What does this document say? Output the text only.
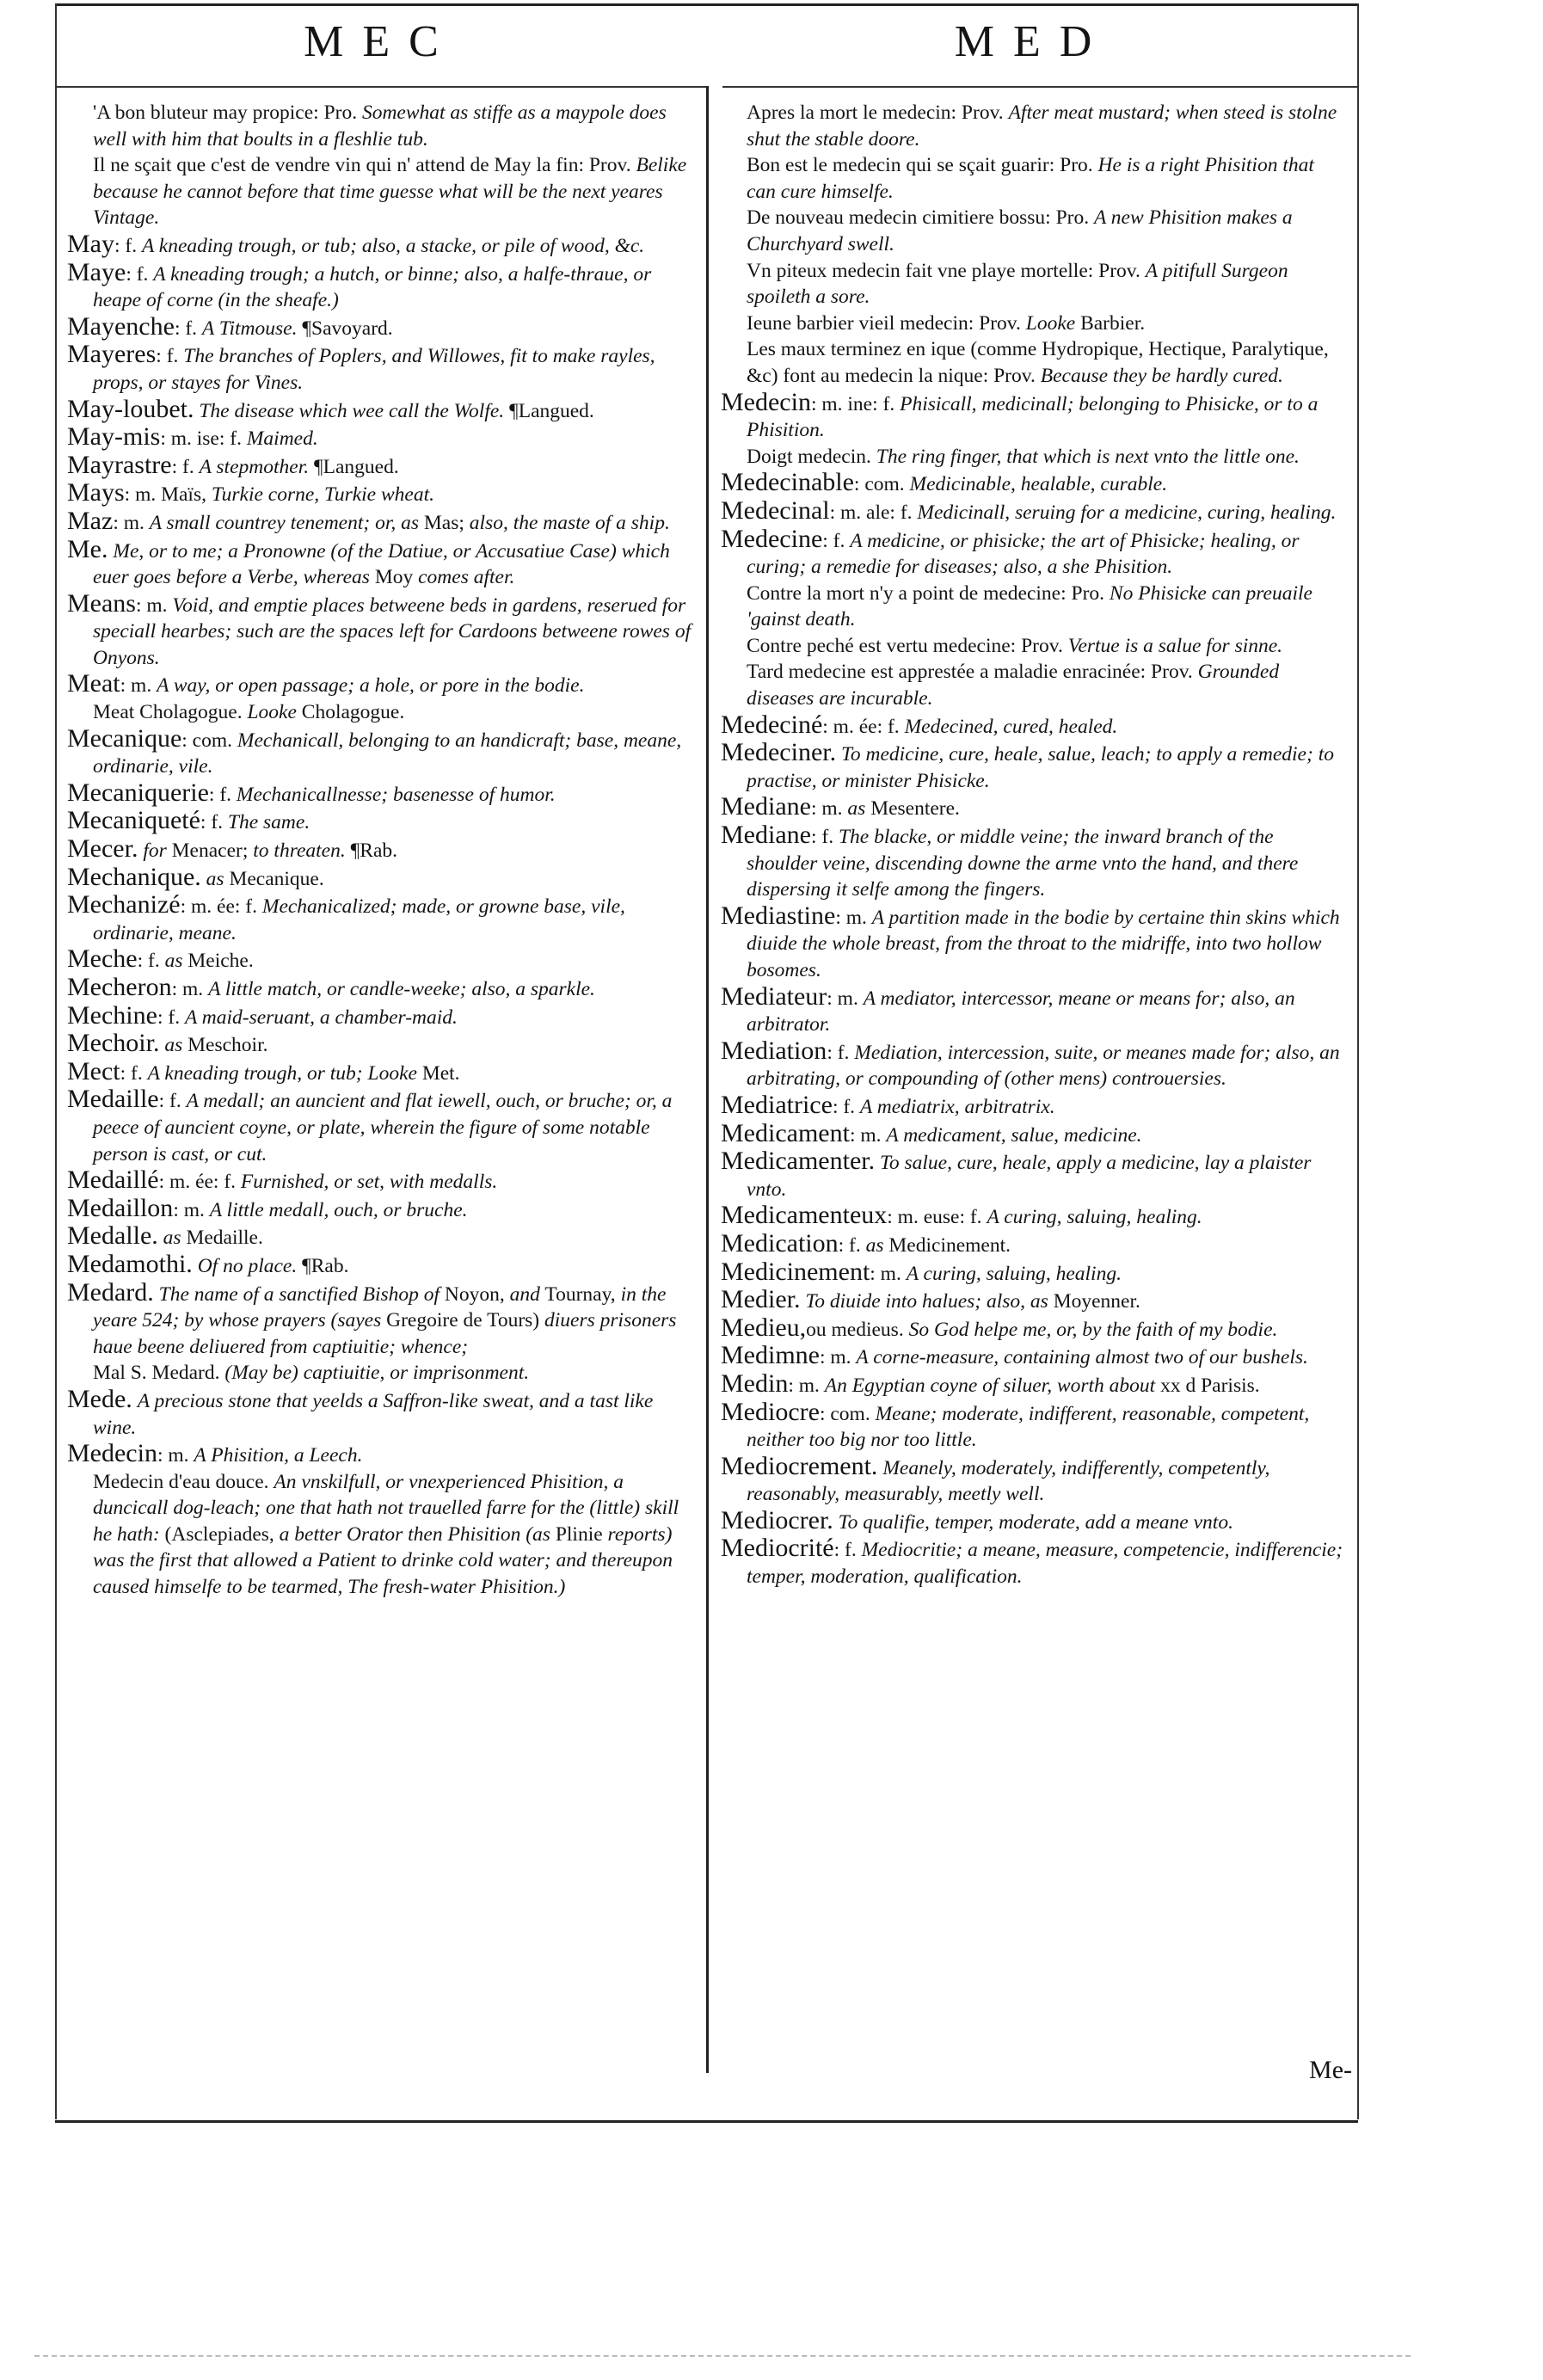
MEC	MED

'A bon bluteur may propice: Pro. Somewhat as stiffe as a maypole does well with him that boults in a fleshlie tub.

Il ne sçait que c'est de vendre vin qui n' attend de May la fin: Prov. Belike because he cannot before that time guesse what will be the next yeares Vintage.

May: f. A kneading trough, or tub; also, a stacke, or pile of wood, &c.

Maye: f. A kneading trough; a hutch, or binne; also, a halfe-thraue, or heape of corne (in the sheafe.)

Mayenche: f. A Titmouse. ¶Savoyard.

Mayeres: f. The branches of Poplers, and Willowes, fit to make rayles, props, or stayes for Vines.

May-loubet. The disease which wee call the Wolfe. ¶Langued.

May-mis: m. ise: f. Maimed.

Mayrastre: f. A stepmother. ¶Langued.

Mays: m. Maïs, Turkie corne, Turkie wheat.

Maz: m. A small countrey tenement; or, as Mas; also, the maste of a ship.

Me. Me, or to me; a Pronowne (of the Datiue, or Accusatiue Case) which euer goes before a Verbe, whereas Moy comes after.

Means: m. Void, and emptie places betweene beds in gardens, reserued for speciall hearbes; such are the spaces left for Cardoons betweene rowes of Onyons.

Meat: m. A way, or open passage; a hole, or pore in the bodie.

Meat Cholagogue. Looke Cholagogue.

Mecanique: com. Mechanicall, belonging to an handicraft; base, meane, ordinarie, vile.

Mecaniquerie: f. Mechanicallnesse; basenesse of humor.

Mecaniqueté: f. The same.

Mecer. for Menacer; to threaten. ¶Rab.

Mechanique. as Mecanique.

Mechanizé: m. ée: f. Mechanicalized; made, or growne base, vile, ordinarie, meane.

Meche: f. as Meiche.

Mecheron: m. A little match, or candle-weeke; also, a sparkle.

Mechine: f. A maid-seruant, a chamber-maid.

Mechoir. as Meschoir.

Mect: f. A kneading trough, or tub; Looke Met.

Medaille: f. A medall; an auncient and flat iewell, ouch, or bruche; or, a peece of auncient coyne, or plate, wherein the figure of some notable person is cast, or cut.

Medaillé: m. ée: f. Furnished, or set, with medalls.

Medaillon: m. A little medall, ouch, or bruche.

Medalle. as Medaille.

Medamothi. Of no place. ¶Rab.

Medard. The name of a sanctified Bishop of Noyon, and Tournay, in the yeare 524; by whose prayers (sayes Gregoire de Tours) diuers prisoners haue beene deliuered from captiuitie; whence;

Mal S. Medard. (May be) captiuitie, or imprisonment.

Mede. A precious stone that yeelds a Saffron-like sweat, and a tast like wine.

Medecin: m. A Phisition, a Leech.

Medecin d'eau douce. An vnskilfull, or vnexperienced Phisition, a duncicall dog-leach; one that hath not trauelled farre for the (little) skill he hath: (Asclepiades, a better Orator then Phisition (as Plinie reports) was the first that allowed a Patient to drinke cold water; and thereupon caused himselfe to be tearmed, The fresh-water Phisition.)

Apres la mort le medecin: Prov. After meat mustard; when steed is stolne shut the stable doore.

Bon est le medecin qui se sçait guarir: Pro. He is a right Phisition that can cure himselfe.

De nouveau medecin cimitiere bossu: Pro. A new Phisition makes a Churchyard swell.

Vn piteux medecin fait vne playe mortelle: Prov. A pitifull Surgeon spoileth a sore.

Ieune barbier vieil medecin: Prov. Looke Barbier.

Les maux terminez en ique (comme Hydropique, Hectique, Paralytique, &c) font au medecin la nique: Prov. Because they be hardly cured.

Medecin: m. ine: f. Phisicall, medicinall; belonging to Phisicke, or to a Phisition.

Doigt medecin. The ring finger, that which is next vnto the little one.

Medecinable: com. Medicinable, healable, curable.

Medecinal: m. ale: f. Medicinall, seruing for a medicine, curing, healing.

Medecine: f. A medicine, or phisicke; the art of Phisicke; healing, or curing; a remedie for diseases; also, a she Phisition.

Contre la mort n'y a point de medecine: Pro. No Phisicke can preuaile 'gainst death.

Contre peché est vertu medecine: Prov. Vertue is a salue for sinne.

Tard medecine est apprestée a maladie enracinée: Prov. Grounded diseases are incurable.

Medeciné: m. ée: f. Medecined, cured, healed.

Medeciner. To medicine, cure, heale, salue, leach; to apply a remedie; to practise, or minister Phisicke.

Mediane: m. as Mesentere.

Mediane: f. The blacke, or middle veine; the inward branch of the shoulder veine, discending downe the arme vnto the hand, and there dispersing it selfe among the fingers.

Mediastine: m. A partition made in the bodie by certaine thin skins which diuide the whole breast, from the throat to the midriffe, into two hollow bosomes.

Mediateur: m. A mediator, intercessor, meane or means for; also, an arbitrator.

Mediation: f. Mediation, intercession, suite, or meanes made for; also, an arbitrating, or compounding of (other mens) controuersies.

Mediatrice: f. A mediatrix, arbitratrix.

Medicament: m. A medicament, salue, medicine.

Medicamenter. To salue, cure, heale, apply a medicine, lay a plaister vnto.

Medicamenteux: m. euse: f. A curing, saluing, healing.

Medication: f. as Medicinement.

Medicinement: m. A curing, saluing, healing.

Medier. To diuide into halues; also, as Moyenner.

Medieu,ou medieus. So God helpe me, or, by the faith of my bodie.

Medimne: m. A corne-measure, containing almost two of our bushels.

Medin: m. An Egyptian coyne of siluer, worth about xx d Parisis.

Mediocre: com. Meane; moderate, indifferent, reasonable, competent, neither too big nor too little.

Mediocrement. Meanely, moderately, indifferently, competently, reasonably, measurably, meetly well.

Mediocrer. To qualifie, temper, moderate, add a meane vnto.

Mediocrité: f. Mediocritie; a meane, measure, competencie, indifferencie; temper, moderation, qualification.

Me-
